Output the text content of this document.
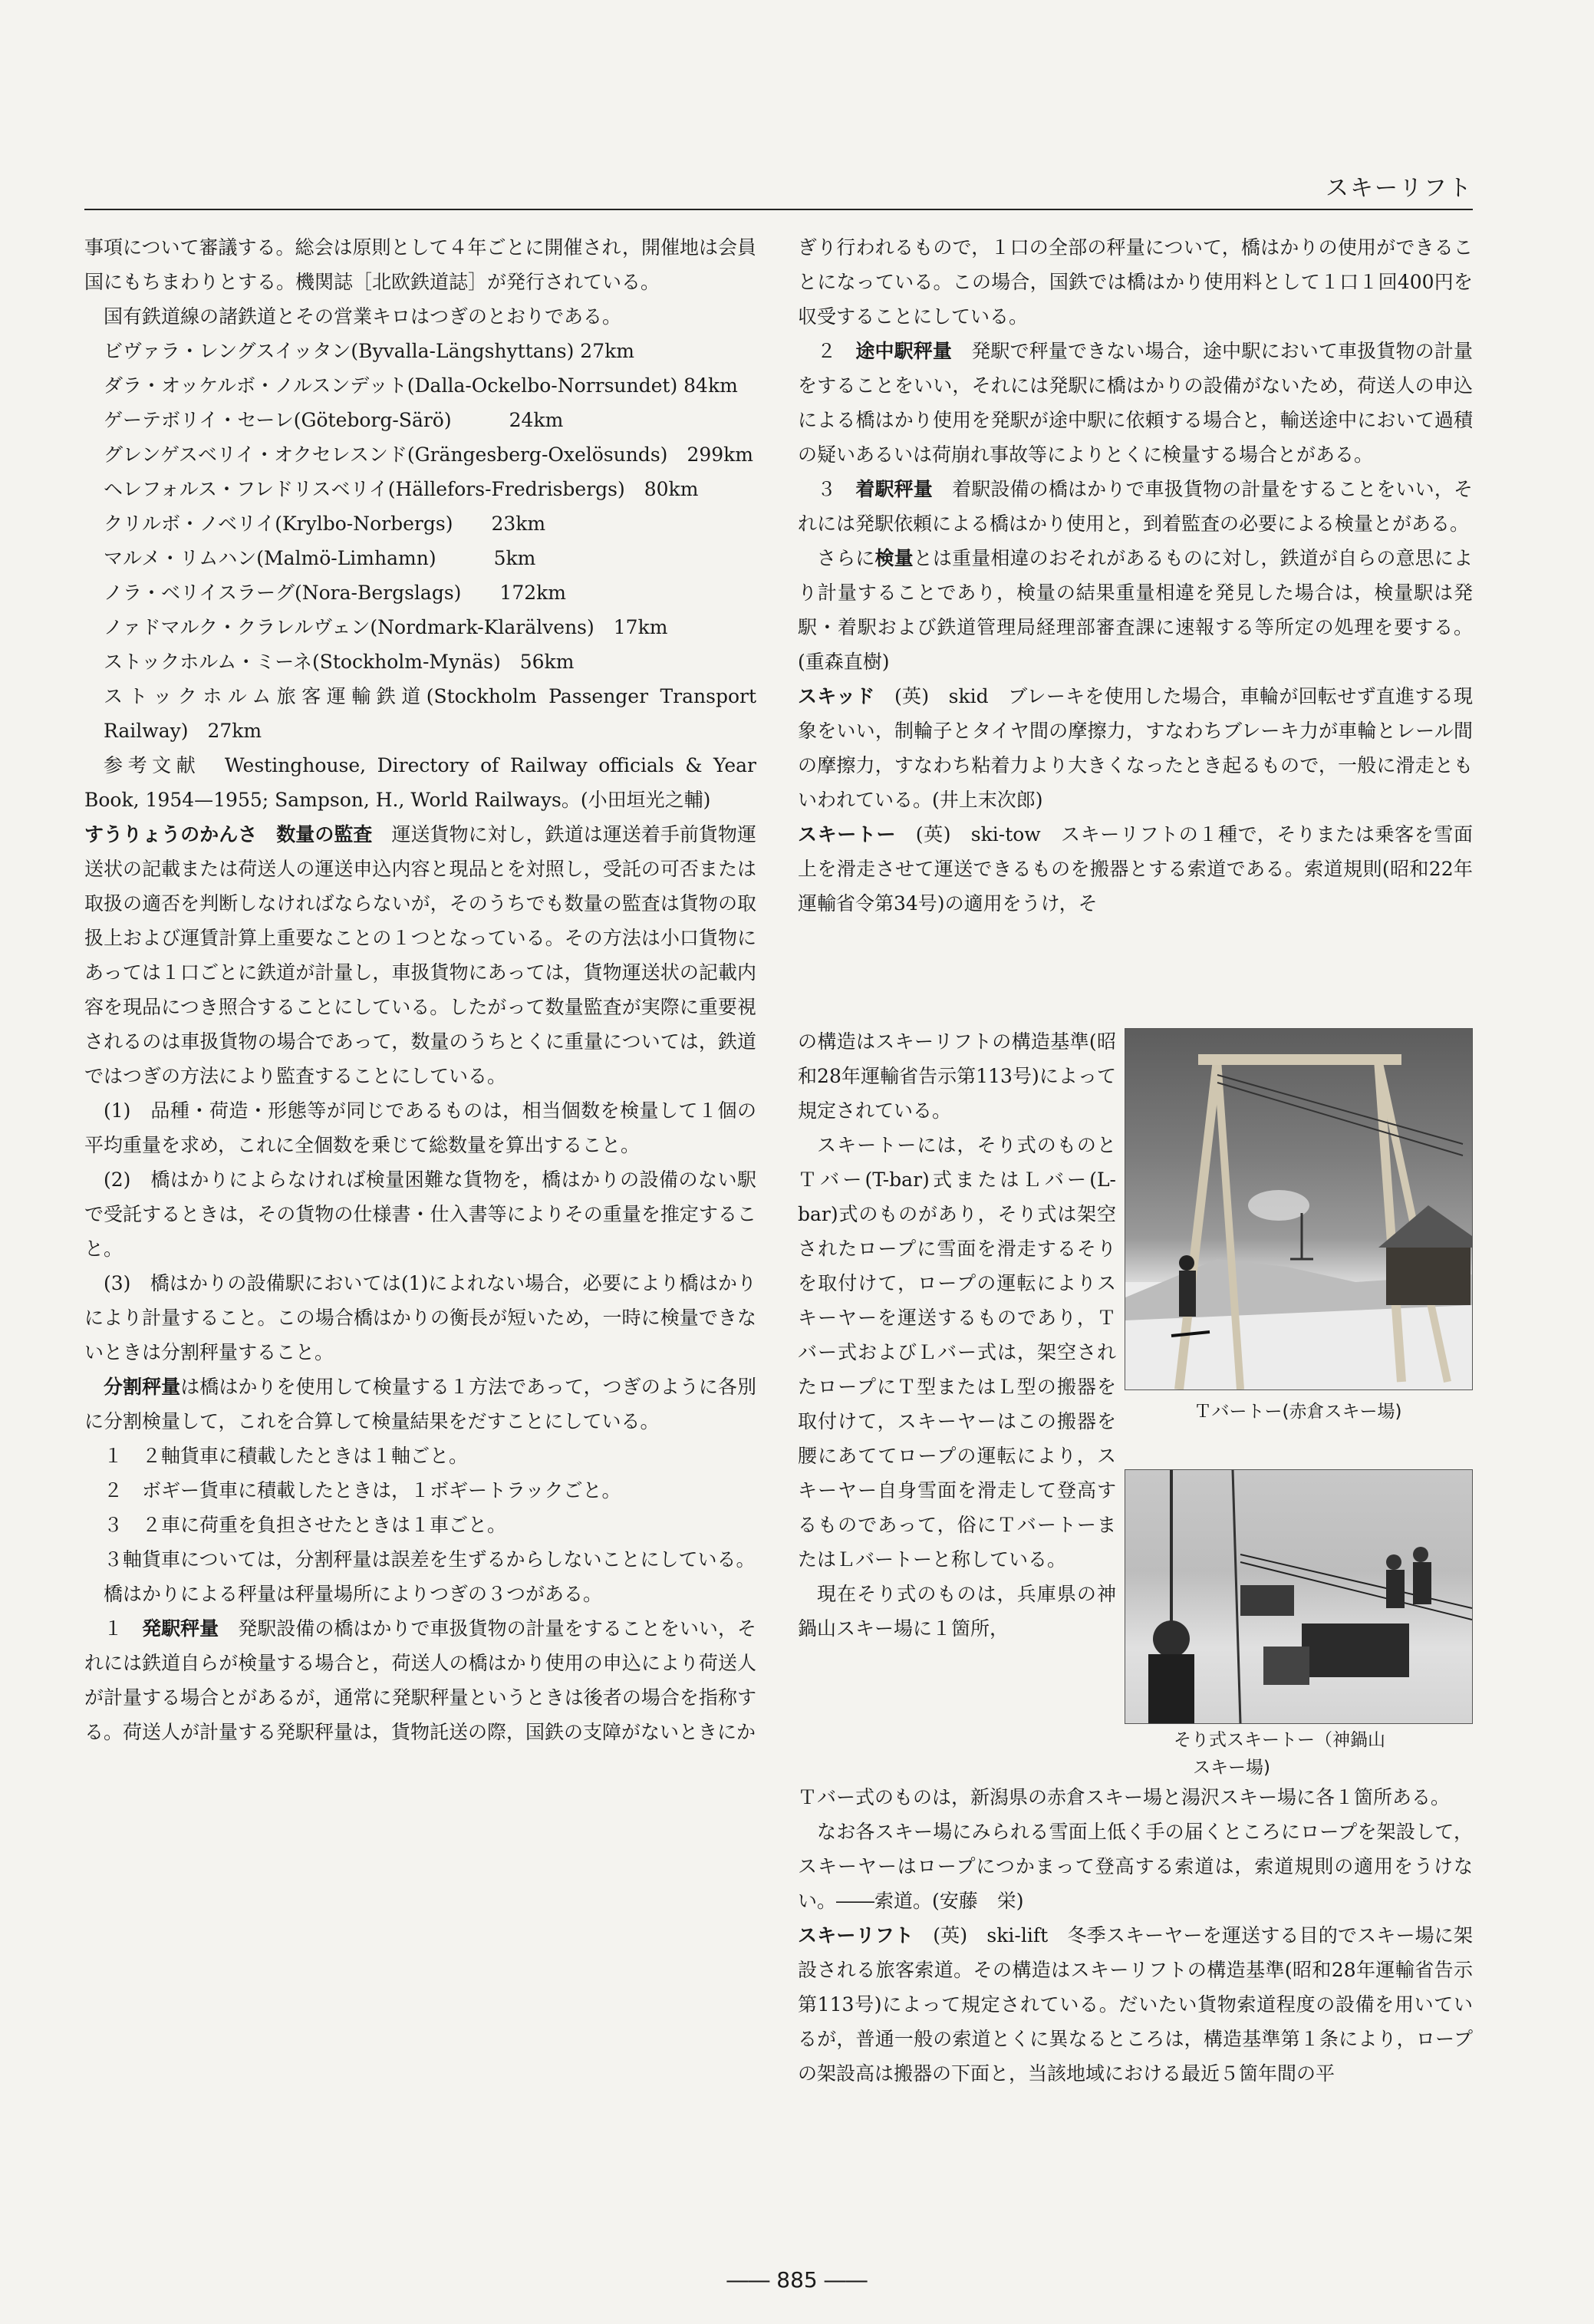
スキーリフト

事項について審議する。総会は原則として４年ごとに開催され，開催地は会員国にもちまわりとする。機関誌［北欧鉄道誌］が発行されている。

国有鉄道線の諸鉄道とその営業キロはつぎのとおりである。

ビヴァラ・レングスイッタン(Byvalla-Längshyttans) 27km

ダラ・オッケルボ・ノルスンデット(Dalla-Ockelbo-Norrsundet) 84km

ゲーテボリイ・セーレ(Göteborg-Särö)　　　24km

グレンゲスベリイ・オクセレスンド(Grängesberg-Oxelösunds)　299km

ヘレフォルス・フレドリスベリイ(Hällefors-Fredrisbergs)　80km

クリルボ・ノベリイ(Krylbo-Norbergs)　　23km

マルメ・リムハン(Malmö-Limhamn)　　　5km

ノラ・ベリイスラーグ(Nora-Bergslags)　　172km

ノァドマルク・クラレルヴェン(Nordmark-Klarälvens)　17km

ストックホルム・ミーネ(Stockholm-Mynäs)　56km

ストックホルム旅客運輸鉄道(Stockholm Passenger Transport Railway)　27km

参考文献　Westinghouse, Directory of Railway officials & Year Book, 1954—1955; Sampson, H., World Railways。(小田垣光之輔)

すうりょうのかんさ　数量の監査　 運送貨物に対し，鉄道は運送着手前貨物運送状の記載または荷送人の運送申込内容と現品とを対照し，受託の可否または取扱の適否を判断しなければならないが，そのうちでも数量の監査は貨物の取扱上および運賃計算上重要なことの１つとなっている。その方法は小口貨物にあっては１口ごとに鉄道が計量し，車扱貨物にあっては，貨物運送状の記載内容を現品につき照合することにしている。したがって数量監査が実際に重要視されるのは車扱貨物の場合であって，数量のうちとくに重量については，鉄道ではつぎの方法により監査することにしている。

(1)　品種・荷造・形態等が同じであるものは，相当個数を検量して１個の平均重量を求め，これに全個数を乗じて総数量を算出すること。

(2)　橋はかりによらなければ検量困難な貨物を，橋はかりの設備のない駅で受託するときは，その貨物の仕様書・仕入書等によりその重量を推定すること。

(3)　橋はかりの設備駅においては(1)によれない場合，必要により橋はかりにより計量すること。この場合橋はかりの衡長が短いため，一時に検量できないときは分割秤量すること。

分割秤量は橋はかりを使用して検量する１方法であって，つぎのように各別に分割検量して，これを合算して検量結果をだすことにしている。

１　２軸貨車に積載したときは１軸ごと。

２　ボギー貨車に積載したときは，１ボギートラックごと。

３　２車に荷重を負担させたときは１車ごと。

３軸貨車については，分割秤量は誤差を生ずるからしないことにしている。

橋はかりによる秤量は秤量場所によりつぎの３つがある。

１　発駅秤量　発駅設備の橋はかりで車扱貨物の計量をすることをいい，それには鉄道自らが検量する場合と，荷送人の橋はかり使用の申込により荷送人が計量する場合とがあるが，通常に発駅秤量というときは後者の場合を指称する。荷送人が計量する発駅秤量は，貨物託送の際，国鉄の支障がないときにか

ぎり行われるもので，１口の全部の秤量について，橋はかりの使用ができることになっている。この場合，国鉄では橋はかり使用料として１口１回400円を収受することにしている。

２　途中駅秤量　発駅で秤量できない場合，途中駅において車扱貨物の計量をすることをいい，それには発駅に橋はかりの設備がないため，荷送人の申込による橋はかり使用を発駅が途中駅に依頼する場合と，輸送途中において過積の疑いあるいは荷崩れ事故等によりとくに検量する場合とがある。

３　着駅秤量　着駅設備の橋はかりで車扱貨物の計量をすることをいい，それには発駅依頼による橋はかり使用と，到着監査の必要による検量とがある。

さらに検量とは重量相違のおそれがあるものに対し，鉄道が自らの意思により計量することであり，検量の結果重量相違を発見した場合は，検量駅は発駅・着駅および鉄道管理局経理部審査課に速報する等所定の処理を要する。(重森直樹)

スキッド　(英)　skid　ブレーキを使用した場合，車輪が回転せず直進する現象をいい，制輪子とタイヤ間の摩擦力，すなわちブレーキ力が車輪とレール間の摩擦力，すなわち粘着力より大きくなったとき起るもので，一般に滑走ともいわれている。(井上末次郎)

スキートー　(英)　ski-tow　スキーリフトの１種で，そりまたは乗客を雪面上を滑走させて運送できるものを搬器とする索道である。索道規則(昭和22年運輸省令第34号)の適用をうけ，そ

の構造はスキーリフトの構造基準(昭和28年運輸省告示第113号)によって規定されている。

スキートーには，そり式のものとＴバー(T-bar)式またはＬバー(L-bar)式のものがあり，そり式は架空されたロープに雪面を滑走するそりを取付けて，ロープの運転によりスキーヤーを運送するものであり，Ｔバー式およびＬバー式は，架空されたロープにＴ型またはＬ型の搬器を取付けて，スキーヤーはこの搬器を腰にあててロープの運転により，スキーヤー自身雪面を滑走して登高するものであって，俗にＴバートーまたはＬバートーと称している。

現在そり式のものは，兵庫県の神鍋山スキー場に１箇所，

Ｔバートー(赤倉スキー場)
そり式スキートー（神鍋山
スキー場)

Ｔバー式のものは，新潟県の赤倉スキー場と湯沢スキー場に各１箇所ある。

なお各スキー場にみられる雪面上低く手の届くところにロープを架設して，スキーヤーはロープにつかまって登高する索道は，索道規則の適用をうけない。――索道。(安藤　栄)

スキーリフト　(英)　ski-lift　冬季スキーヤーを運送する目的でスキー場に架設される旅客索道。その構造はスキーリフトの構造基準(昭和28年運輸省告示第113号)によって規定されている。だいたい貨物索道程度の設備を用いているが，普通一般の索道とくに異なるところは，構造基準第１条により，ロープの架設高は搬器の下面と，当該地域における最近５箇年間の平

―― 885 ――
